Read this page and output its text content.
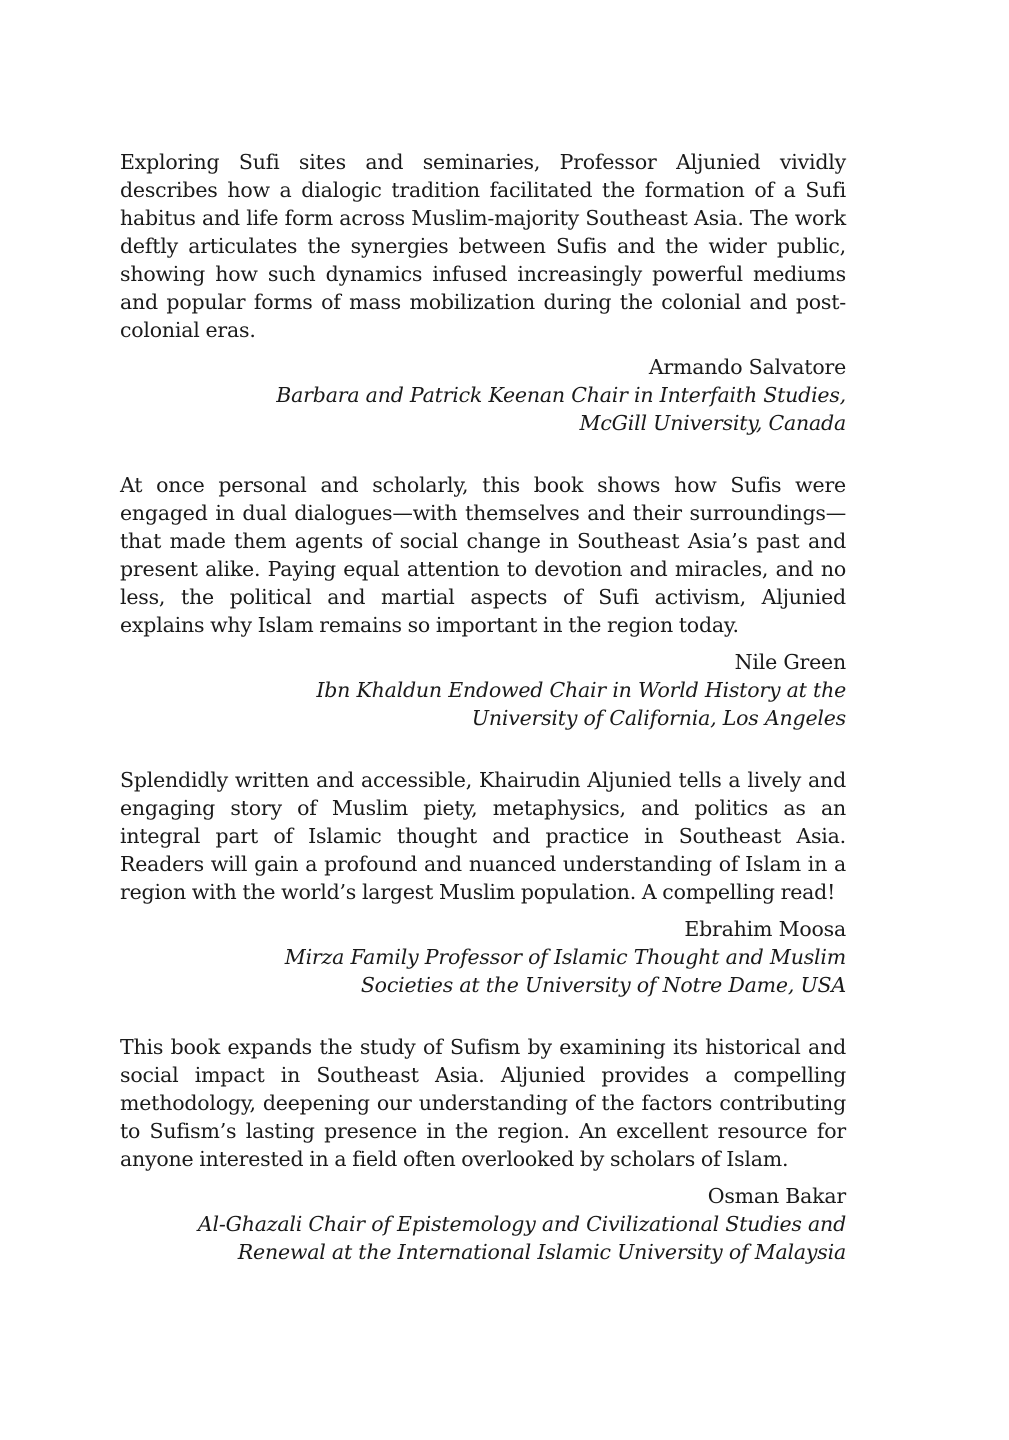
Exploring Sufi sites and seminaries, Professor Aljunied vividly describes how a dialogic tradition facilitated the formation of a Sufi habitus and life form across Muslim-majority Southeast Asia. The work deftly articulates the synergies between Sufis and the wider public, showing how such dynamics infused increasingly powerful mediums and popular forms of mass mobilization during the colonial and post-colonial eras.

Armando Salvatore
Barbara and Patrick Keenan Chair in Interfaith Studies,
McGill University, Canada

At once personal and scholarly, this book shows how Sufis were engaged in dual dialogues—with themselves and their surroundings—that made them agents of social change in Southeast Asia’s past and present alike. Paying equal attention to devotion and miracles, and no less, the political and martial aspects of Sufi activism, Aljunied explains why Islam remains so important in the region today.

Nile Green
Ibn Khaldun Endowed Chair in World History at the
University of California, Los Angeles

Splendidly written and accessible, Khairudin Aljunied tells a lively and engaging story of Muslim piety, metaphysics, and politics as an integral part of Islamic thought and practice in Southeast Asia. Readers will gain a profound and nuanced understanding of Islam in a region with the world’s largest Muslim population. A compelling read!

Ebrahim Moosa
Mirza Family Professor of Islamic Thought and Muslim
Societies at the University of Notre Dame, USA

This book expands the study of Sufism by examining its historical and social impact in Southeast Asia. Aljunied provides a compelling methodology, deepening our understanding of the factors contributing to Sufism’s lasting presence in the region. An excellent resource for anyone interested in a field often overlooked by scholars of Islam.

Osman Bakar
Al-Ghazali Chair of Epistemology and Civilizational Studies and
Renewal at the International Islamic University of Malaysia
